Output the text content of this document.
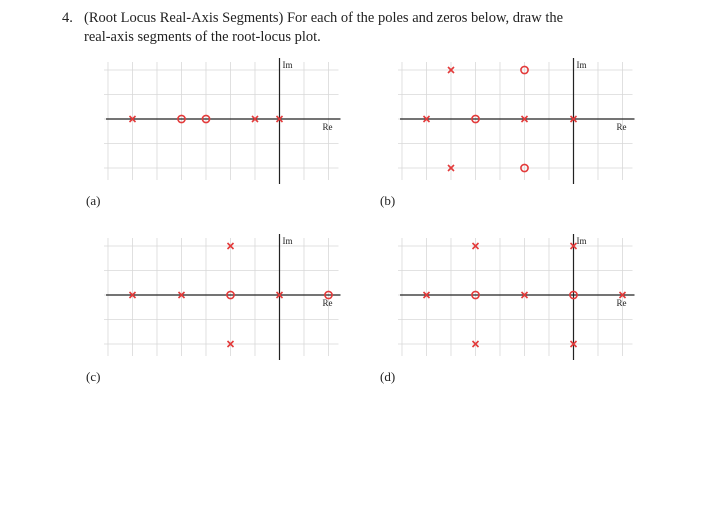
4. (Root Locus Real-Axis Segments) For each of the poles and zeros below, draw the
real-axis segments of the root-locus plot.
Im
Re
(a)
Im
Re
(b)
Im
Re
(c)
Im
Re
(d)
